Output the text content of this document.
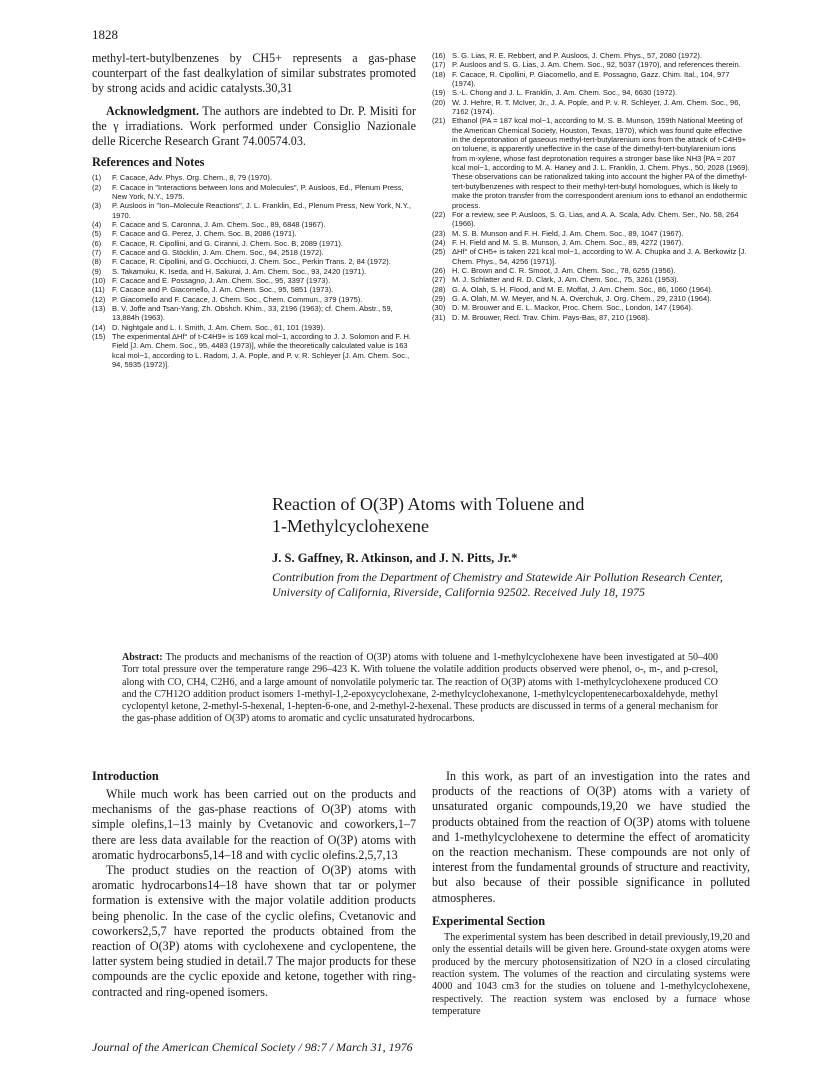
1828

methyl-tert-butylbenzenes by CH5+ represents a gas-phase counterpart of the fast dealkylation of similar substrates promoted by strong acids and acidic catalysts.30,31

Acknowledgment. The authors are indebted to Dr. P. Misiti for the γ irradiations. Work performed under Consiglio Nazionale delle Ricerche Research Grant 74.00574.03.

References and Notes
(1)	F. Cacace, Adv. Phys. Org. Chem., 8, 79 (1970).
(2)	F. Cacace in "Interactions between Ions and Molecules", P. Ausloos, Ed., Plenum Press, New York, N.Y., 1975.
(3)	P. Ausloos in "Ion–Molecule Reactions", J. L. Franklin, Ed., Plenum Press, New York, N.Y., 1970.
(4)	F. Cacace and S. Caronna, J. Am. Chem. Soc., 89, 6848 (1967).
(5)	F. Cacace and G. Perez, J. Chem. Soc. B, 2086 (1971).
(6)	F. Cacace, R. Cipollini, and G. Ciranni, J. Chem. Soc. B, 2089 (1971).
(7)	F. Cacace and G. Stöcklin, J. Am. Chem. Soc., 94, 2518 (1972).
(8)	F. Cacace, R. Cipollini, and G. Occhiucci, J. Chem. Soc., Perkin Trans. 2, 84 (1972).
(9)	S. Takamuku, K. Iseda, and H. Sakurai, J. Am. Chem. Soc., 93, 2420 (1971).
(10) F. Cacace and E. Possagno, J. Am. Chem. Soc., 95, 3397 (1973).
(11) F. Cacace and P. Giacomello, J. Am. Chem. Soc., 95, 5851 (1973).
(12) P. Giacomello and F. Cacace, J. Chem. Soc., Chem. Commun., 379 (1975).
(13) B. V. Joffe and Tsan-Yang, Zh. Obshch. Khim., 33, 2196 (1963); cf. Chem. Abstr., 59, 13,884h (1963).
(14) D. Nightgale and L. I. Smith, J. Am. Chem. Soc., 61, 101 (1939).
(15) The experimental ΔHf° of t-C4H9+ is 169 kcal mol−1, according to J. J. Solomon and F. H. Field [J. Am. Chem. Soc., 95, 4483 (1973)], while the theoretically calculated value is 163 kcal mol−1, according to L. Radom, J. A. Pople, and P. v. R. Schleyer [J. Am. Chem. Soc., 94, 5935 (1972)].
(16) S. G. Lias, R. E. Rebbert, and P. Ausloos, J. Chem. Phys., 57, 2080 (1972).
(17) P. Ausloos and S. G. Lias, J. Am. Chem. Soc., 92, 5037 (1970), and references therein.
(18) F. Cacace, R. Cipollini, P. Giacomello, and E. Possagno, Gazz. Chim. Ital., 104, 977 (1974).
(19) S.-L. Chong and J. L. Franklin, J. Am. Chem. Soc., 94, 6630 (1972).
(20) W. J. Hehre, R. T. McIver, Jr., J. A. Pople, and P. v. R. Schleyer, J. Am. Chem. Soc., 96, 7162 (1974).
(21) Ethanol (PA = 187 kcal mol−1, according to M. S. B. Munson, 159th National Meeting of the American Chemical Society, Houston, Texas, 1970), which was found quite effective in the deprotonation of gaseous methyl-tert-butylarenium ions from the attack of t-C4H9+ on toluene, is apparently uneffective in the case of the dimethyl-tert-butylarenium ions from m-xylene, whose fast deprotonation requires a stronger base like NH3 [PA = 207 kcal mol−1, according to M. A. Haney and J. L. Franklin, J. Chem. Phys., 50, 2028 (1969). These observations can be rationalized taking into account the higher PA of the dimethyl-tert-butylbenzenes with respect to their methyl-tert-butyl homologues, which is likely to make the proton transfer from the correspondent arenium ions to ethanol an endothermic process.
(22) For a review, see P. Ausloos, S. G. Lias, and A. A. Scala, Adv. Chem. Ser., No. 58, 264 (1966).
(23) M. S. B. Munson and F. H. Field, J. Am. Chem. Soc., 89, 1047 (1967).
(24) F. H. Field and M. S. B. Munson, J. Am. Chem. Soc., 89, 4272 (1967).
(25) ΔHf° of CH5+ is taken 221 kcal mol−1, according to W. A. Chupka and J. A. Berkowitz [J. Chem. Phys., 54, 4256 (1971)].
(26) H. C. Brown and C. R. Smoot, J. Am. Chem. Soc., 78, 6255 (1956).
(27) M. J. Schlatter and R. D. Clark, J. Am. Chem. Soc., 75, 3261 (1953).
(28) G. A. Olah, S. H. Flood, and M. E. Moffat, J. Am. Chem. Soc., 86, 1060 (1964).
(29) G. A. Olah, M. W. Meyer, and N. A. Overchuk, J. Org. Chem., 29, 2310 (1964).
(30) D. M. Brouwer and E. L. Mackor, Proc. Chem. Soc., London, 147 (1964).
(31) D. M. Brouwer, Recl. Trav. Chim. Pays-Bas, 87, 210 (1968).
Reaction of O(3P) Atoms with Toluene and
1-Methylcyclohexene
J. S. Gaffney, R. Atkinson, and J. N. Pitts, Jr.*
Contribution from the Department of Chemistry and Statewide Air Pollution Research Center, University of California, Riverside, California 92502. Received July 18, 1975
Abstract: The products and mechanisms of the reaction of O(3P) atoms with toluene and 1-methylcyclohexene have been investigated at 50–400 Torr total pressure over the temperature range 296–423 K. With toluene the volatile addition products observed were phenol, o-, m-, and p-cresol, along with CO, CH4, C2H6, and a large amount of nonvolatile polymeric tar. The reaction of O(3P) atoms with 1-methylcyclohexene produced CO and the C7H12O addition product isomers 1-methyl-1,2-epoxycyclohexane, 2-methylcyclohexanone, 1-methylcyclopentenecarboxaldehyde, methyl cyclopentyl ketone, 2-methyl-5-hexenal, 1-hepten-6-one, and 2-methyl-2-hexenal. These products are discussed in terms of a general mechanism for the gas-phase addition of O(3P) atoms to aromatic and cyclic unsaturated hydrocarbons.
Introduction

While much work has been carried out on the products and mechanisms of the gas-phase reactions of O(3P) atoms with simple olefins,1–13 mainly by Cvetanovic and coworkers,1–7 there are less data available for the reaction of O(3P) atoms with aromatic hydrocarbons5,14–18 and with cyclic olefins.2,5,7,13

The product studies on the reaction of O(3P) atoms with aromatic hydrocarbons14–18 have shown that tar or polymer formation is extensive with the major volatile addition products being phenolic. In the case of the cyclic olefins, Cvetanovic and coworkers2,5,7 have reported the products obtained from the reaction of O(3P) atoms with cyclohexene and cyclopentene, the latter system being studied in detail.7 The major products for these compounds are the cyclic epoxide and ketone, together with ring-contracted and ring-opened isomers.

In this work, as part of an investigation into the rates and products of the reactions of O(3P) atoms with a variety of unsaturated organic compounds,19,20 we have studied the products obtained from the reaction of O(3P) atoms with toluene and 1-methylcyclohexene to determine the effect of aromaticity on the reaction mechanism. These compounds are not only of interest from the fundamental grounds of structure and reactivity, but also because of their possible significance in polluted atmospheres.

Experimental Section

The experimental system has been described in detail previously,19,20 and only the essential details will be given here. Ground-state oxygen atoms were produced by the mercury photosensitization of N2O in a closed circulating reaction system. The volumes of the reaction and circulating systems were 4000 and 1043 cm3 for the studies on toluene and 1-methylcyclohexene, respectively. The reaction system was enclosed by a furnace whose temperature

Journal of the American Chemical Society / 98:7 / March 31, 1976
